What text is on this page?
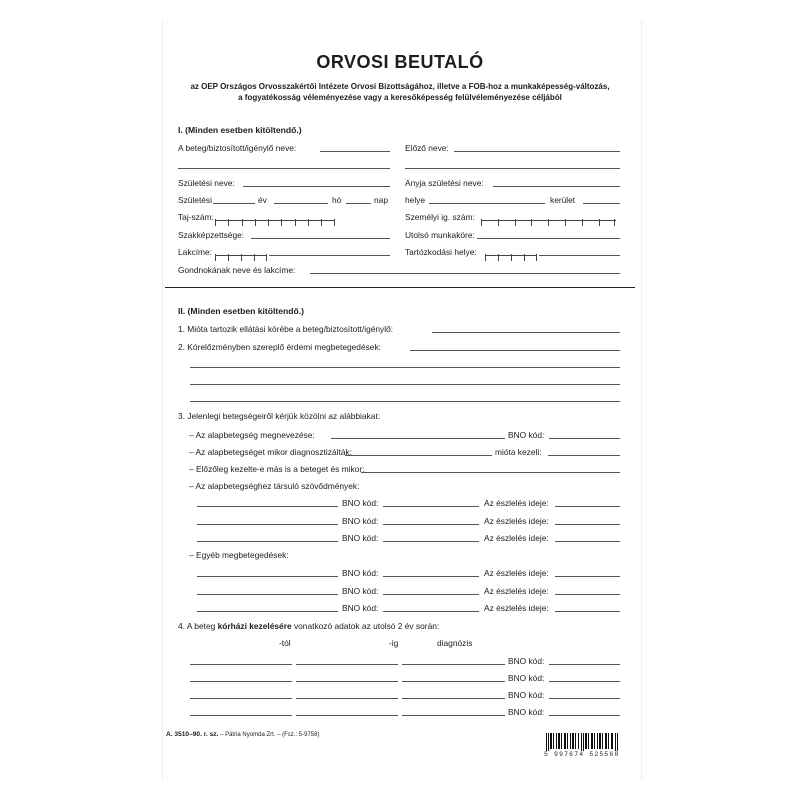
ORVOSI BEUTALÓ
az OEP Országos Orvosszakértői Intézete Orvosi Bizottságához, illetve a FOB-hoz a munkaképesség-változás,
a fogyatékosság véleményezése vagy a keresőképesség felülvéleményezése céljából
I. (Minden esetben kitöltendő.)
A beteg/biztosított/igénylő neve:	Előző neve:
Születési neve:	Anyja születési neve:
Születési	év	hó	nap helye	kerület
Taj-szám:	Személyi ig. szám:
Szakképzettsége:	Utolsó munkaköre:
Lakcíme:	Tartózkodási helye:
Gondnokának neve és lakcíme:
II. (Minden esetben kitöltendő.)
1. Mióta tartozik ellátási körébe a beteg/biztosított/igénylő:
2. Kórelőzményben szereplő érdemi megbetegedések:
3. Jelenlegi betegségeiről kérjük közölni az alábbiakat:
– Az alapbetegség megnevezése:	BNO kód:
– Az alapbetegséget mikor diagnosztizálták:	mióta kezeli:
– Előzőleg kezelte-e más is a beteget és mikor:
– Az alapbetegséghez társuló szövődmények:
BNO kód:	Az észlelés ideje:
BNO kód:	Az észlelés ideje:
BNO kód:	Az észlelés ideje:
– Egyéb megbetegedések:
BNO kód:	Az észlelés ideje:
BNO kód:	Az észlelés ideje:
BNO kód:	Az észlelés ideje:
4. A beteg kórházi kezelésére vonatkozó adatok az utolsó 2 év során:
-tól	-ig	diagnózis
BNO kód:
BNO kód:
BNO kód:
BNO kód:
A. 3510–90. r. sz. – Pátria Nyomda Zrt. – (Fsz.: 5-9758)
5 997674 525568
